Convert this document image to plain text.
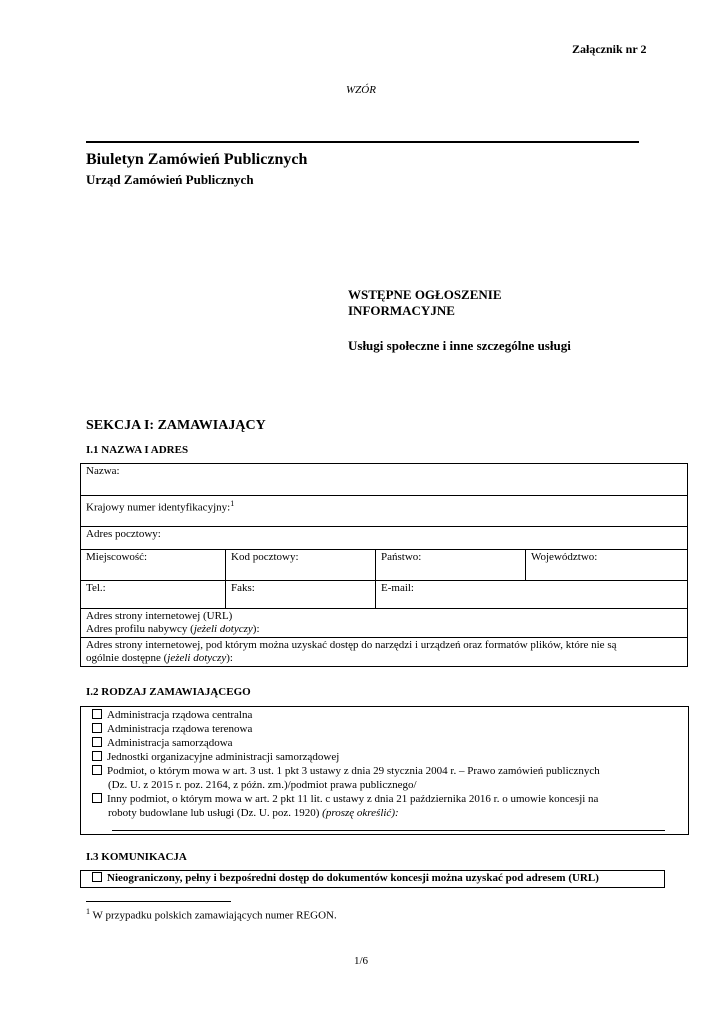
Załącznik nr 2
WZÓR
Biuletyn Zamówień Publicznych
Urząd Zamówień Publicznych
WSTĘPNE OGŁOSZENIE
INFORMACYJNE
Usługi społeczne i inne szczególne usługi
SEKCJA I: ZAMAWIAJĄCY
I.1 NAZWA I ADRES
Nazwa:			
Krajowy numer identyfikacyjny:$^1$
Adres pocztowy:			
Miejscowość:	Kod pocztowy:	Państwo:	Województwo:
Tel.:	Faks:	E-mail:	

Adres strony internetowej (URL)
Adres profilu nabywcy (jeżeli dotyczy):			

Adres strony internetowej, pod którym można uzyskać dostęp do narzędzi i urządzeń oraz formatów plików, które nie są
ogólnie dostępne (jeżeli dotyczy):			
I.2 RODZAJ ZAMAWIAJĄCEGO
Administracja rządowa centralna
Administracja rządowa terenowa
Administracja samorządowa
Jednostki organizacyjne administracji samorządowej
Podmiot, o którym mowa w art. 3 ust. 1 pkt 3 ustawy z dnia 29 stycznia 2004 r. – Prawo zamówień publicznych
(Dz. U. z 2015 r. poz. 2164, z późn. zm.)/podmiot prawa publicznego/
Inny podmiot, o którym mowa w art. 2 pkt 11 lit. c ustawy z dnia 21 października 2016 r. o umowie koncesji na
roboty budowlane lub usługi (Dz. U. poz. 1920) (proszę określić):
I.3 KOMUNIKACJA
Nieograniczony, pełny i bezpośredni dostęp do dokumentów koncesji można uzyskać pod adresem (URL)
$^1$ W przypadku polskich zamawiających numer REGON.
1/6
